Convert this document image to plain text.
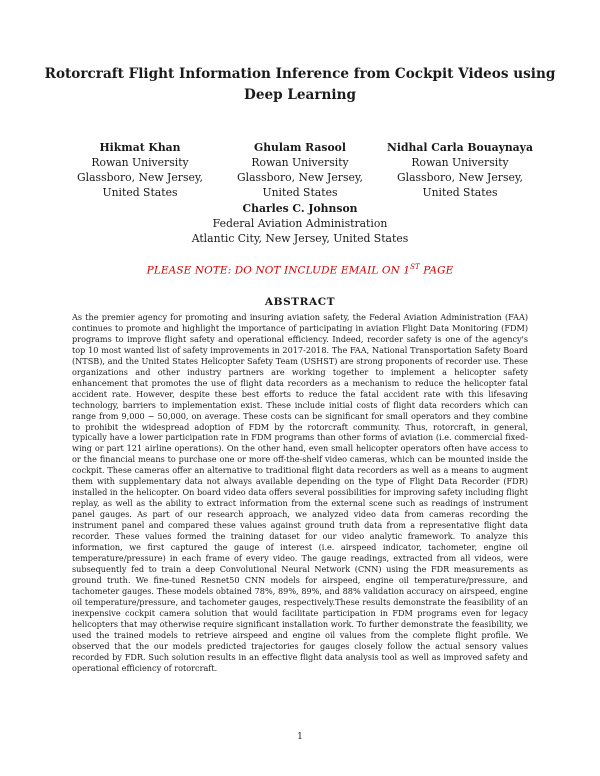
Rotorcraft Flight Information Inference from Cockpit Videos using Deep Learning
Hikmat Khan
Rowan University
Glassboro, New Jersey,
United States
Ghulam Rasool
Rowan University
Glassboro, New Jersey,
United States
Nidhal Carla Bouaynaya
Rowan University
Glassboro, New Jersey,
United States
Charles C. Johnson
Federal Aviation Administration
Atlantic City, New Jersey, United States
PLEASE NOTE: DO NOT INCLUDE EMAIL ON 1ST PAGE
ABSTRACT
As the premier agency for promoting and insuring aviation safety, the Federal Aviation Administration (FAA) continues to promote and highlight the importance of participating in aviation Flight Data Monitoring (FDM) programs to improve flight safety and operational efficiency. Indeed, recorder safety is one of the agency's top 10 most wanted list of safety improvements in 2017-2018. The FAA, National Transportation Safety Board (NTSB), and the United States Helicopter Safety Team (USHST) are strong proponents of recorder use. These organizations and other industry partners are working together to implement a helicopter safety enhancement that promotes the use of flight data recorders as a mechanism to reduce the helicopter fatal accident rate. However, despite these best efforts to reduce the fatal accident rate with this lifesaving technology, barriers to implementation exist. These include initial costs of flight data recorders which can range from 9,000 − 50,000, on average. These costs can be significant for small operators and they combine to prohibit the widespread adoption of FDM by the rotorcraft community. Thus, rotorcraft, in general, typically have a lower participation rate in FDM programs than other forms of aviation (i.e. commercial fixed-wing or part 121 airline operations). On the other hand, even small helicopter operators often have access to or the financial means to purchase one or more off-the-shelf video cameras, which can be mounted inside the cockpit. These cameras offer an alternative to traditional flight data recorders as well as a means to augment them with supplementary data not always available depending on the type of Flight Data Recorder (FDR) installed in the helicopter. On board video data offers several possibilities for improving safety including flight replay, as well as the ability to extract information from the external scene such as readings of instrument panel gauges. As part of our research approach, we analyzed video data from cameras recording the instrument panel and compared these values against ground truth data from a representative flight data recorder. These values formed the training dataset for our video analytic framework. To analyze this information, we first captured the gauge of interest (i.e. airspeed indicator, tachometer, engine oil temperature/pressure) in each frame of every video. The gauge readings, extracted from all videos, were subsequently fed to train a deep Convolutional Neural Network (CNN) using the FDR measurements as ground truth. We fine-tuned Resnet50 CNN models for airspeed, engine oil temperature/pressure, and tachometer gauges. These models obtained 78%, 89%, 89%, and 88% validation accuracy on airspeed, engine oil temperature/pressure, and tachometer gauges, respectively.These results demonstrate the feasibility of an inexpensive cockpit camera solution that would facilitate participation in FDM programs even for legacy helicopters that may otherwise require significant installation work. To further demonstrate the feasibility, we used the trained models to retrieve airspeed and engine oil values from the complete flight profile. We observed that the our models predicted trajectories for gauges closely follow the actual sensory values recorded by FDR. Such solution results in an effective flight data analysis tool as well as improved safety and operational efficiency of rotorcraft.
1
